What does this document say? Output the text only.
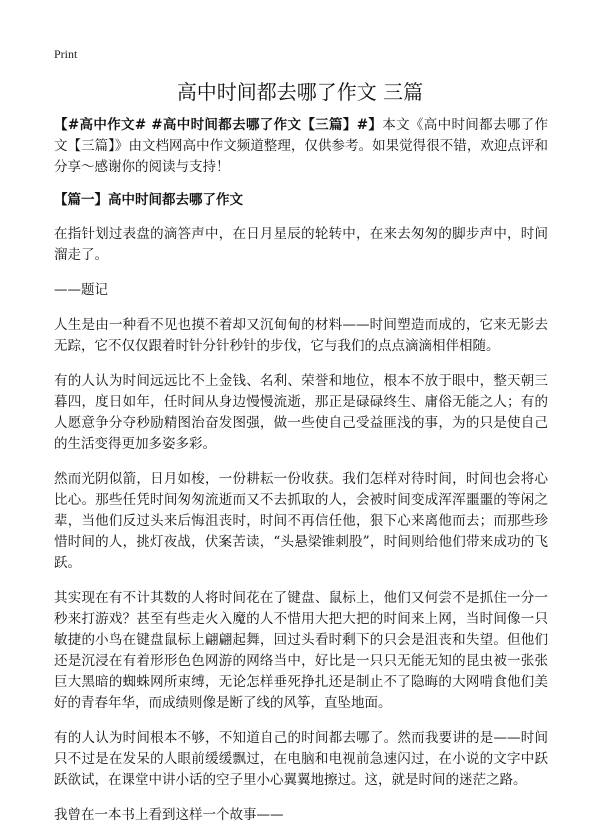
Print
高中时间都去哪了作文 三篇

【#高中作文# #高中时间都去哪了作文【三篇】#】本文《高中时间都去哪了作文【三篇】》由文档网高中作文频道整理，仅供参考。如果觉得很不错，欢迎点评和分享～感谢你的阅读与支持！

【篇一】高中时间都去哪了作文

在指针划过表盘的滴答声中，在日月星辰的轮转中，在来去匆匆的脚步声中，时间溜走了。

——题记

人生是由一种看不见也摸不着却又沉甸甸的材料——时间塑造而成的，它来无影去无踪，它不仅仅跟着时针分针秒针的步伐，它与我们的点点滴滴相伴相随。

有的人认为时间远远比不上金钱、名利、荣誉和地位，根本不放于眼中，整天朝三暮四，度日如年，任时间从身边慢慢流逝，那正是碌碌终生、庸俗无能之人；有的人愿意争分夺秒励精图治奋发图强，做一些使自己受益匪浅的事，为的只是使自己的生活变得更加多姿多彩。

然而光阴似箭，日月如梭，一份耕耘一份收获。我们怎样对待时间，时间也会将心比心。那些任凭时间匆匆流逝而又不去抓取的人，会被时间变成浑浑噩噩的等闲之辈，当他们反过头来后悔沮丧时，时间不再信任他，狠下心来离他而去；而那些珍惜时间的人，挑灯夜战，伏案苦读，“头悬梁锥刺股”，时间则给他们带来成功的飞跃。

其实现在有不计其数的人将时间花在了键盘、鼠标上，他们又何尝不是抓住一分一秒来打游戏？甚至有些走火入魔的人不惜用大把大把的时间来上网，当时间像一只敏捷的小鸟在键盘鼠标上翩翩起舞，回过头看时剩下的只会是沮丧和失望。但他们还是沉浸在有着形形色色网游的网络当中，好比是一只只无能无知的昆虫被一张张巨大黑暗的蜘蛛网所束缚，无论怎样垂死挣扎还是制止不了隐晦的大网啃食他们美好的青春年华，而成绩则像是断了线的风筝，直坠地面。

有的人认为时间根本不够，不知道自己的时间都去哪了。然而我要讲的是——时间只不过是在发呆的人眼前缓缓飘过，在电脑和电视前急速闪过，在小说的文字中跃跃欲试，在课堂中讲小话的空子里小心翼翼地擦过。这，就是时间的迷茫之路。

我曾在一本书上看到这样一个故事——
